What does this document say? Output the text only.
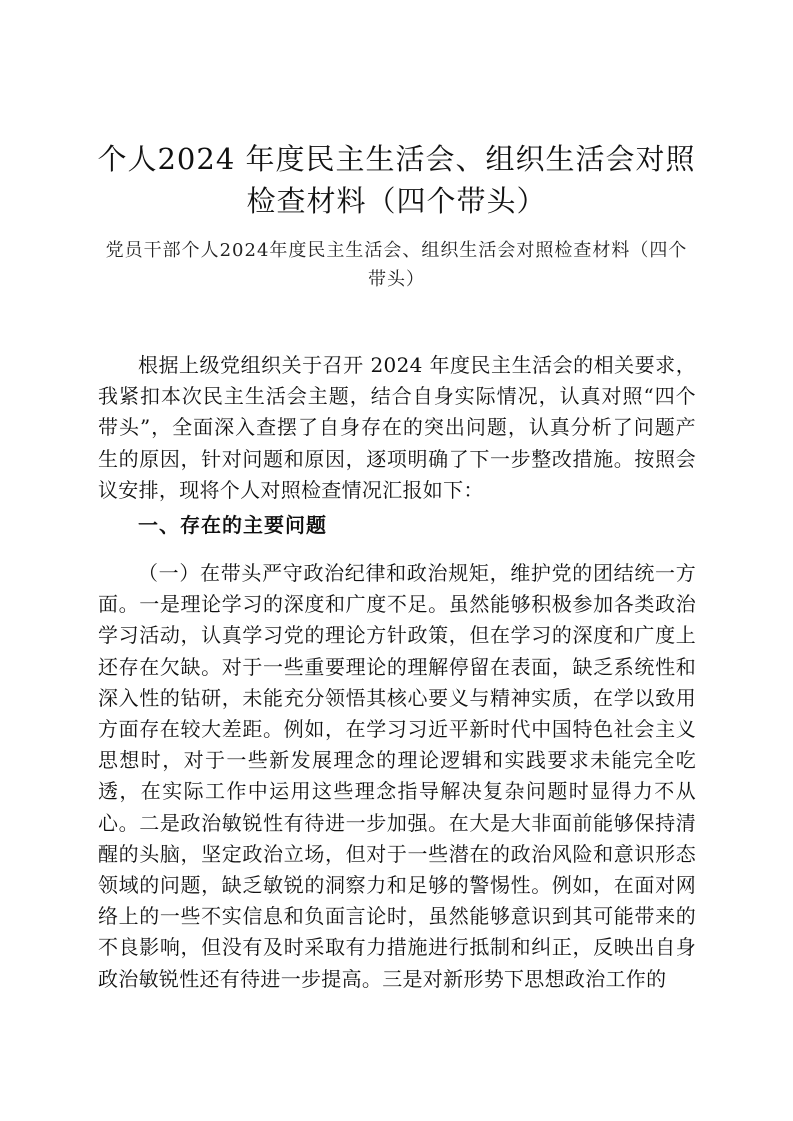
个人2024 年度民主生活会、组织生活会对照检查材料（四个带头）
党员干部个人2024年度民主生活会、组织生活会对照检查材料（四个带头）

根据上级党组织关于召开 2024 年度民主生活会的相关要求，我紧扣本次民主生活会主题，结合自身实际情况，认真对照“四个带头”，全面深入查摆了自身存在的突出问题，认真分析了问题产生的原因，针对问题和原因，逐项明确了下一步整改措施。按照会议安排，现将个人对照检查情况汇报如下：

一、存在的主要问题

（一）在带头严守政治纪律和政治规矩，维护党的团结统一方面。一是理论学习的深度和广度不足。虽然能够积极参加各类政治学习活动，认真学习党的理论方针政策，但在学习的深度和广度上还存在欠缺。对于一些重要理论的理解停留在表面，缺乏系统性和深入性的钻研，未能充分领悟其核心要义与精神实质，在学以致用方面存在较大差距。例如，在学习习近平新时代中国特色社会主义思想时，对于一些新发展理念的理论逻辑和实践要求未能完全吃透，在实际工作中运用这些理念指导解决复杂问题时显得力不从心。二是政治敏锐性有待进一步加强。在大是大非面前能够保持清醒的头脑，坚定政治立场，但对于一些潜在的政治风险和意识形态领域的问题，缺乏敏锐的洞察力和足够的警惕性。例如，在面对网络上的一些不实信息和负面言论时，虽然能够意识到其可能带来的不良影响，但没有及时采取有力措施进行抵制和纠正，反映出自身政治敏锐性还有待进一步提高。三是对新形势下思想政治工作的
